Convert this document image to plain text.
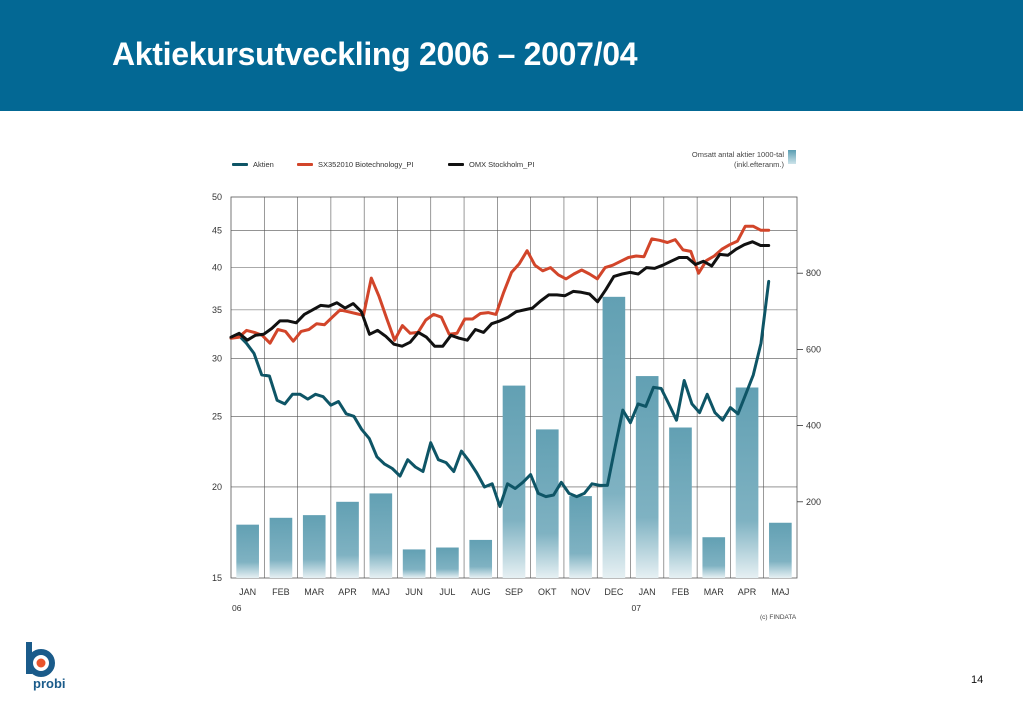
Aktiekursutveckling 2006 – 2007/04
Aktien	SX352010 Biotechnology_PI	OMX Stockholm_PI
Omsatt antal aktier 1000-tal
(inkl.efteranm.)
15
20
25
30
35
40
45
50
200
400
600
800
JAN FEB MAR APR MAJ JUN JUL AUG SEP OKT NOV DEC JAN FEB MAR APR MAJ
06	07
(c) FINDATA
probi	14
